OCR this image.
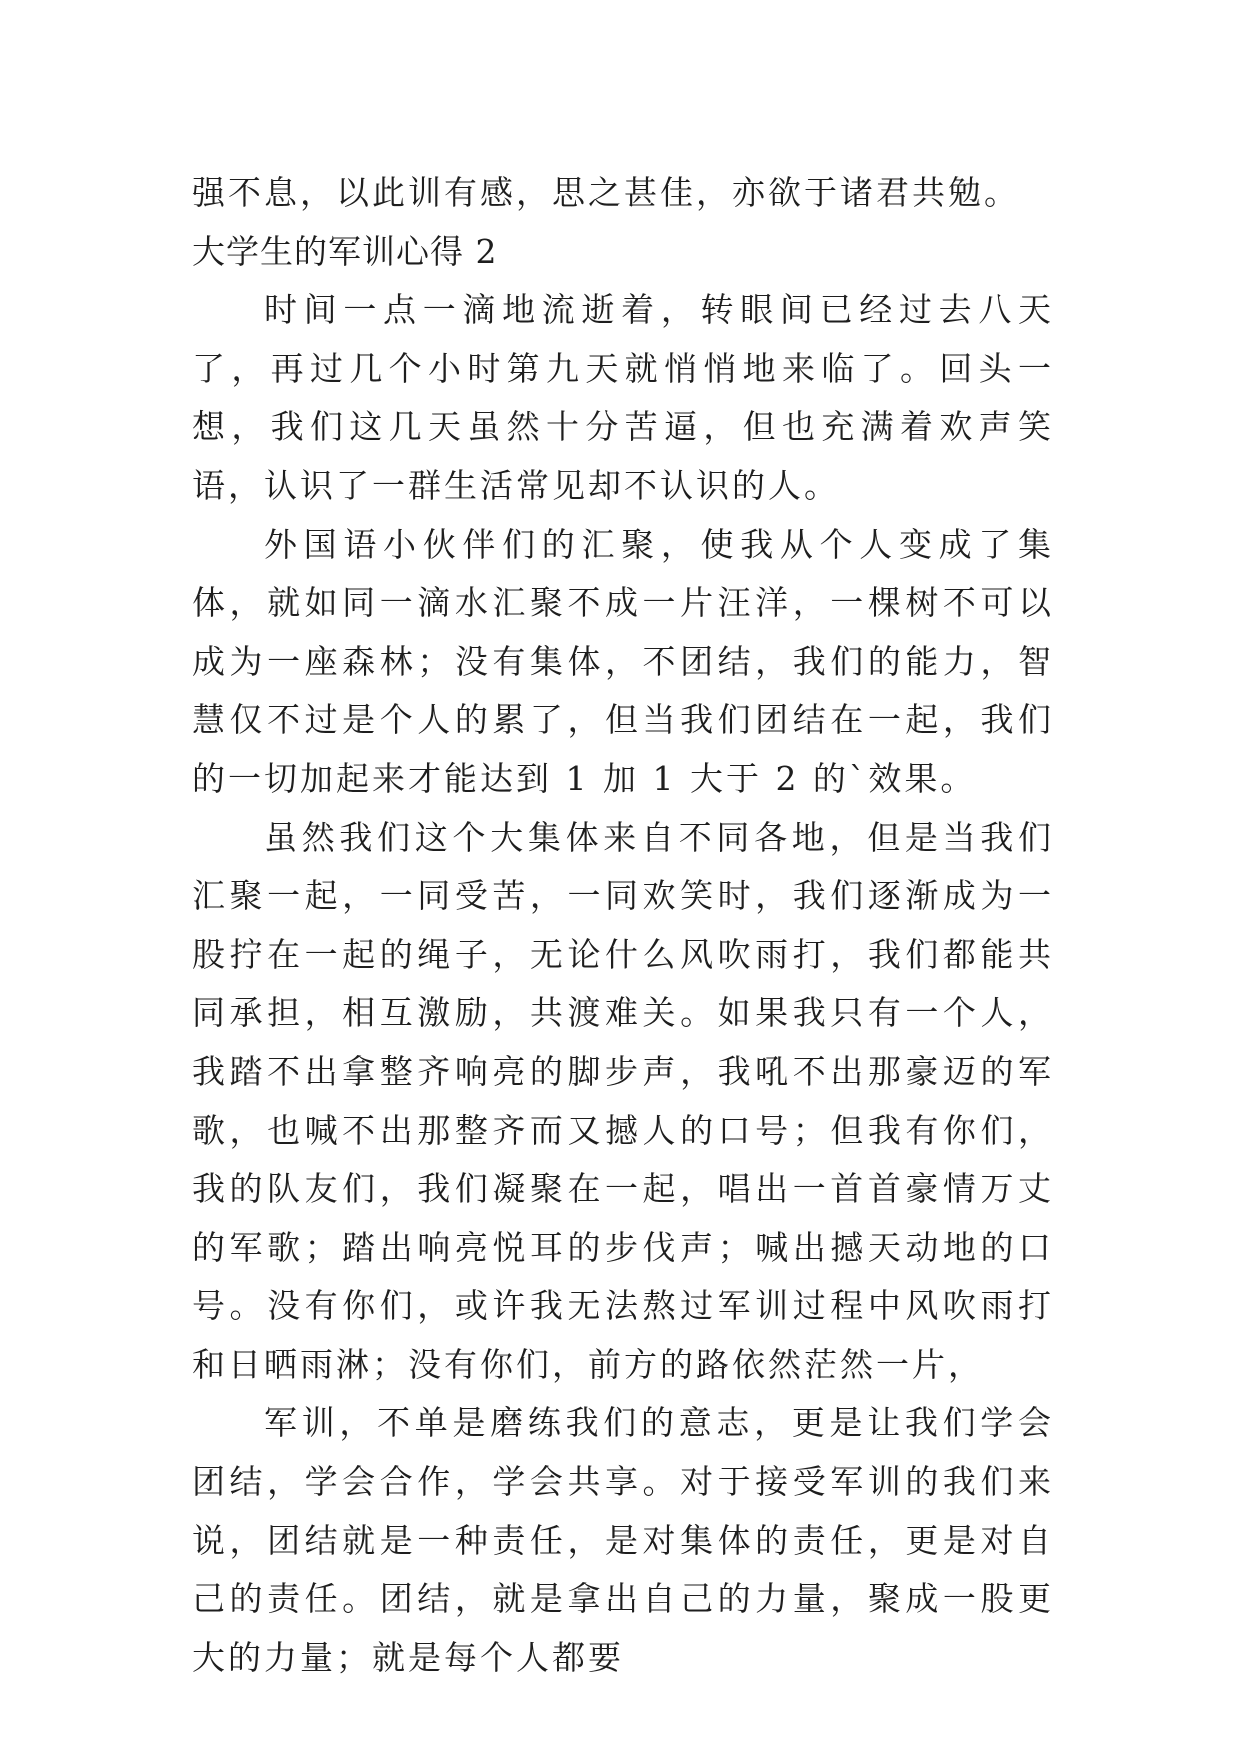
强不息，以此训有感，思之甚佳，亦欲于诸君共勉。

大学生的军训心得 2

时间一点一滴地流逝着，转眼间已经过去八天了，再过几个小时第九天就悄悄地来临了。回头一想，我们这几天虽然十分苦逼，但也充满着欢声笑语，认识了一群生活常见却不认识的人。

外国语小伙伴们的汇聚，使我从个人变成了集体，就如同一滴水汇聚不成一片汪洋，一棵树不可以成为一座森林；没有集体，不团结，我们的能力，智慧仅不过是个人的累了，但当我们团结在一起，我们的一切加起来才能达到 1 加 1 大于 2 的`效果。

虽然我们这个大集体来自不同各地，但是当我们汇聚一起，一同受苦，一同欢笑时，我们逐渐成为一股拧在一起的绳子，无论什么风吹雨打，我们都能共同承担，相互激励，共渡难关。如果我只有一个人，我踏不出拿整齐响亮的脚步声，我吼不出那豪迈的军歌，也喊不出那整齐而又撼人的口号；但我有你们，我的队友们，我们凝聚在一起，唱出一首首豪情万丈的军歌；踏出响亮悦耳的步伐声；喊出撼天动地的口号。没有你们，或许我无法熬过军训过程中风吹雨打和日晒雨淋；没有你们，前方的路依然茫然一片，

军训，不单是磨练我们的意志，更是让我们学会团结，学会合作，学会共享。对于接受军训的我们来说，团结就是一种责任，是对集体的责任，更是对自己的责任。团结，就是拿出自己的力量，聚成一股更大的力量；就是每个人都要
